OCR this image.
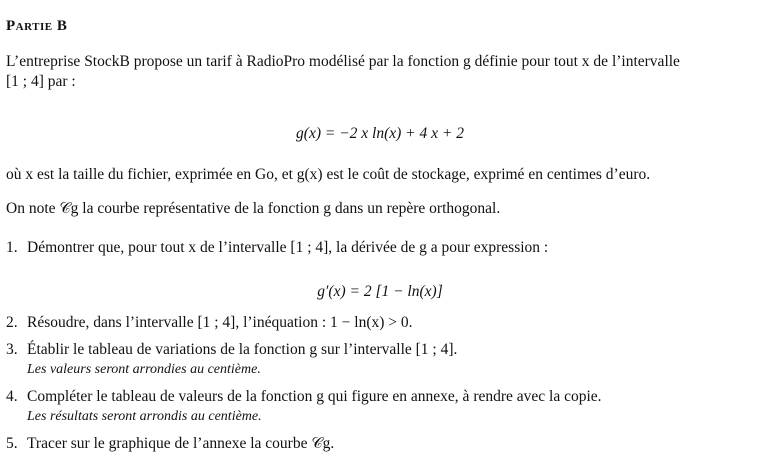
Partie B
L’entreprise StockB propose un tarif à RadioPro modélisé par la fonction g définie pour tout x de l’intervalle
[1 ; 4] par :
g(x) = −2 x ln(x) + 4 x + 2
où x est la taille du fichier, exprimée en Go, et g(x) est le coût de stockage, exprimé en centimes d’euro.
On note 𝒞g la courbe représentative de la fonction g dans un repère orthogonal.
1. Démontrer que, pour tout x de l’intervalle [1 ; 4], la dérivée de g a pour expression :
g′(x) = 2 [1 − ln(x)]
2. Résoudre, dans l’intervalle [1 ; 4], l’inéquation : 1 − ln(x) > 0.
3. Établir le tableau de variations de la fonction g sur l’intervalle [1 ; 4].
Les valeurs seront arrondies au centième.
4. Compléter le tableau de valeurs de la fonction g qui figure en annexe, à rendre avec la copie.
Les résultats seront arrondis au centième.
5. Tracer sur le graphique de l’annexe la courbe 𝒞g.
